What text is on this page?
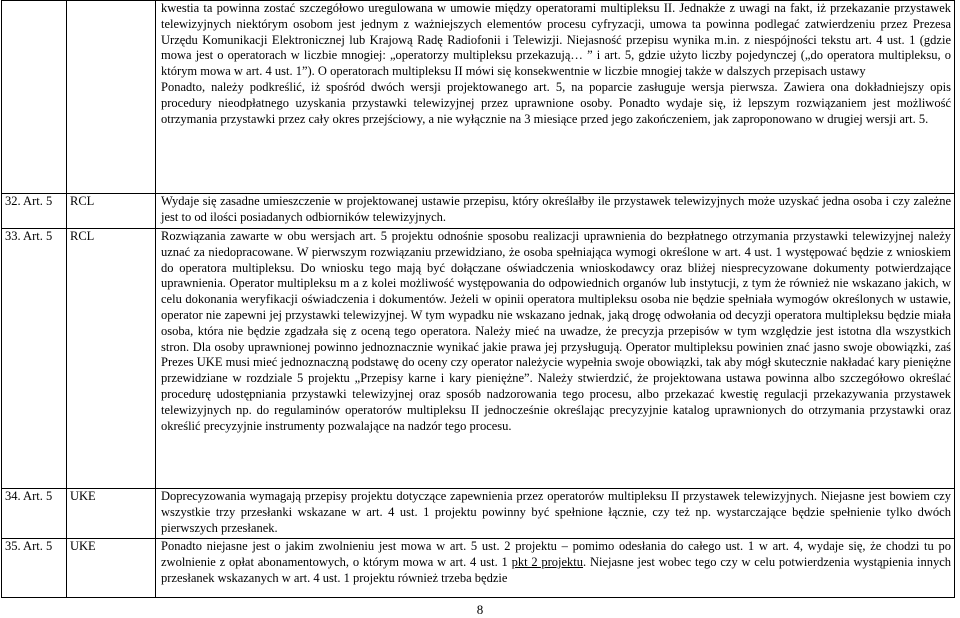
		kwestia ta powinna zostać szczegółowo uregulowana w umowie między operatorami multipleksu II. Jednakże z uwagi na fakt, iż przekazanie przystawek telewizyjnych niektórym osobom jest jednym z ważniejszych elementów procesu cyfryzacji, umowa ta powinna podlegać zatwierdzeniu przez Prezesa Urzędu Komunikacji Elektronicznej lub Krajową Radę Radiofonii i Telewizji. Niejasność przepisu wynika m.in. z niespójności tekstu art. 4 ust. 1 (gdzie mowa jest o operatorach w liczbie mnogiej: „operatorzy multipleksu przekazują… ” i art. 5, gdzie użyto liczby pojedynczej („do operatora multipleksu, o którym mowa w art. 4 ust. 1”). O operatorach multipleksu II mówi się konsekwentnie w liczbie mnogiej także w dalszych przepisach ustawy

Ponadto, należy podkreślić, iż spośród dwóch wersji projektowanego art. 5, na poparcie zasługuje wersja pierwsza. Zawiera ona dokładniejszy opis procedury nieodpłatnego uzyskania przystawki telewizyjnej przez uprawnione osoby. Ponadto wydaje się, iż lepszym rozwiązaniem jest możliwość otrzymania przystawki przez cały okres przejściowy, a nie wyłącznie na 3 miesiące przed jego zakończeniem, jak zaproponowano w drugiej wersji art. 5.

32. Art. 5	RCL	Wydaje się zasadne umieszczenie w projektowanej ustawie przepisu, który określałby ile przystawek telewizyjnych może uzyskać jedna osoba i czy zależne jest to od ilości posiadanych odbiorników telewizyjnych.

33. Art. 5	RCL	Rozwiązania zawarte w obu wersjach art. 5 projektu odnośnie sposobu realizacji uprawnienia do bezpłatnego otrzymania przystawki telewizyjnej należy uznać za niedopracowane. W pierwszym rozwiązaniu przewidziano, że osoba spełniająca wymogi określone w art. 4 ust. 1 występować będzie z wnioskiem do operatora multipleksu. Do wniosku tego mają być dołączane oświadczenia wnioskodawcy oraz bliżej niesprecyzowane dokumenty potwierdzające uprawnienia. Operator multipleksu m a z kolei możliwość występowania do odpowiednich organów lub instytucji, z tym że również nie wskazano jakich, w celu dokonania weryfikacji oświadczenia i dokumentów. Jeżeli w opinii operatora multipleksu osoba nie będzie spełniała wymogów określonych w ustawie, operator nie zapewni jej przystawki telewizyjnej. W tym wypadku nie wskazano jednak, jaką drogę odwołania od decyzji operatora multipleksu będzie miała osoba, która nie będzie zgadzała się z oceną tego operatora. Należy mieć na uwadze, że precyzja przepisów w tym względzie jest istotna dla wszystkich stron. Dla osoby uprawnionej powinno jednoznacznie wynikać jakie prawa jej przysługują. Operator multipleksu powinien znać jasno swoje obowiązki, zaś Prezes UKE musi mieć jednoznaczną podstawę do oceny czy operator należycie wypełnia swoje obowiązki, tak aby mógł skutecznie nakładać kary pieniężne przewidziane w rozdziale 5 projektu „Przepisy karne i kary pieniężne”. Należy stwierdzić, że projektowana ustawa powinna albo szczegółowo określać procedurę udostępniania przystawki telewizyjnej oraz sposób nadzorowania tego procesu, albo przekazać kwestię regulacji przekazywania przystawek telewizyjnych np. do regulaminów operatorów multipleksu II jednocześnie określając precyzyjnie katalog uprawnionych do otrzymania przystawki oraz określić precyzyjnie instrumenty pozwalające na nadzór tego procesu.

34. Art. 5	UKE	Doprecyzowania wymagają przepisy projektu dotyczące zapewnienia przez operatorów multipleksu II przystawek telewizyjnych. Niejasne jest bowiem czy wszystkie trzy przesłanki wskazane w art. 4 ust. 1 projektu powinny być spełnione łącznie, czy też np. wystarczające będzie spełnienie tylko dwóch pierwszych przesłanek.

35. Art. 5	UKE	Ponadto niejasne jest o jakim zwolnieniu jest mowa w art. 5 ust. 2 projektu – pomimo odesłania do całego ust. 1 w art. 4, wydaje się, że chodzi tu po zwolnienie z opłat abonamentowych, o którym mowa w art. 4 ust. 1 pkt 2 projektu. Niejasne jest wobec tego czy w celu potwierdzenia wystąpienia innych przesłanek wskazanych w art. 4 ust. 1 projektu również trzeba będzie

8
